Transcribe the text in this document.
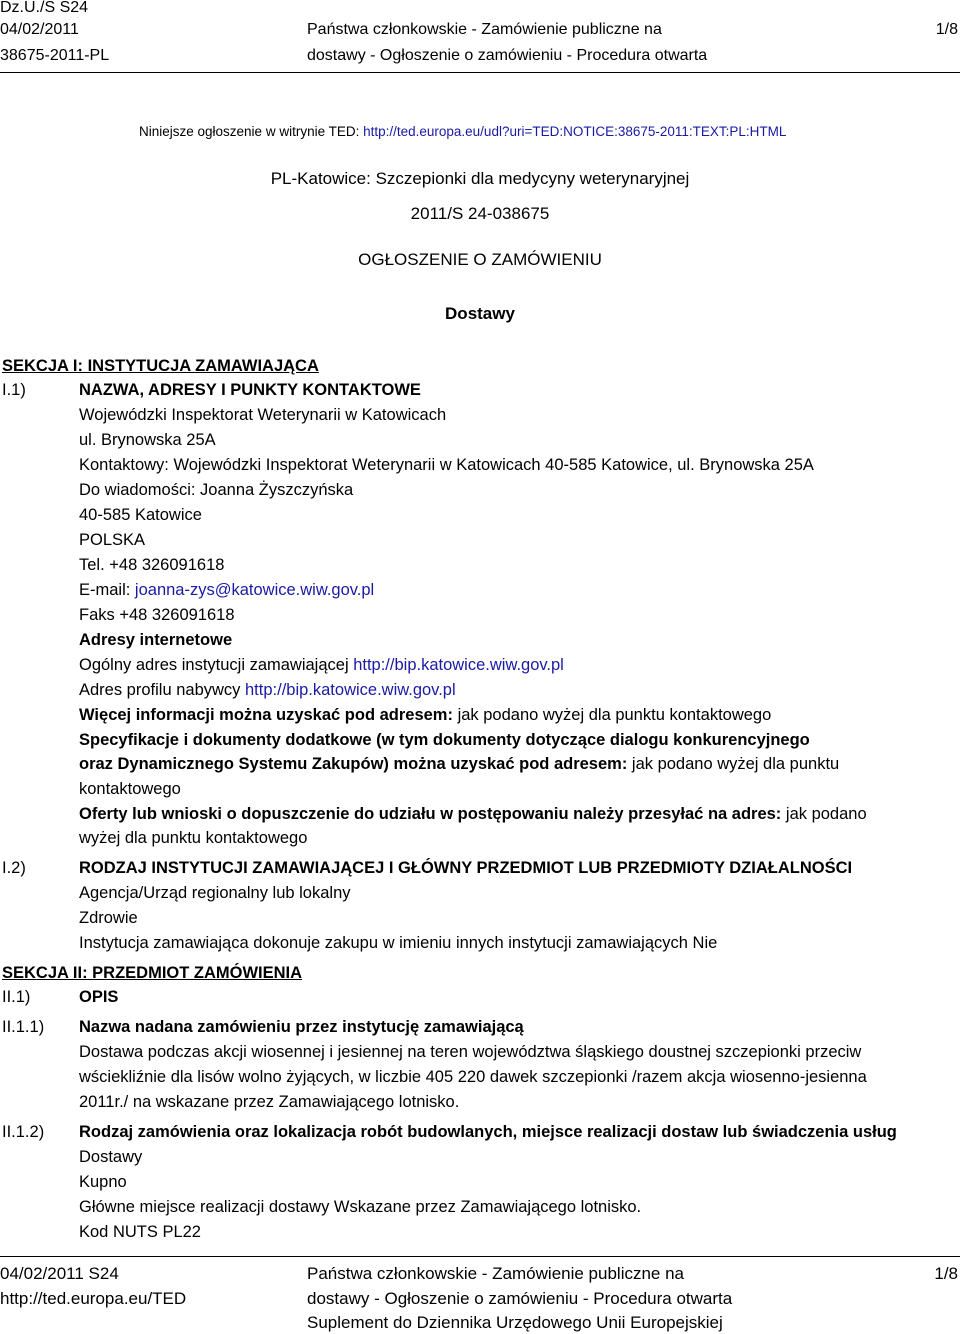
Dz.U./S S24
04/02/2011
38675-2011-PL
Państwa członkowskie - Zamówienie publiczne na
dostawy - Ogłoszenie o zamówieniu - Procedura otwarta
1/8
Niniejsze ogłoszenie w witrynie TED: http://ted.europa.eu/udl?uri=TED:NOTICE:38675-2011:TEXT:PL:HTML
PL-Katowice: Szczepionki dla medycyny weterynaryjnej
2011/S 24-038675
OGŁOSZENIE O ZAMÓWIENIU
Dostawy
SEKCJA I: INSTYTUCJA ZAMAWIAJĄCA
I.1)	NAZWA, ADRESY I PUNKTY KONTAKTOWE
Wojewódzki Inspektorat Weterynarii w Katowicach
ul. Brynowska 25A
Kontaktowy: Wojewódzki Inspektorat Weterynarii w Katowicach 40-585 Katowice, ul. Brynowska 25A
Do wiadomości: Joanna Żyszczyńska
40-585 Katowice
POLSKA
Tel. +48 326091618
E-mail: joanna-zys@katowice.wiw.gov.pl
Faks +48 326091618
Adresy internetowe
Ogólny adres instytucji zamawiającej http://bip.katowice.wiw.gov.pl
Adres profilu nabywcy http://bip.katowice.wiw.gov.pl
Więcej informacji można uzyskać pod adresem: jak podano wyżej dla punktu kontaktowego
Specyfikacje i dokumenty dodatkowe (w tym dokumenty dotyczące dialogu konkurencyjnego
oraz Dynamicznego Systemu Zakupów) można uzyskać pod adresem: jak podano wyżej dla punktu
kontaktowego
Oferty lub wnioski o dopuszczenie do udziału w postępowaniu należy przesyłać na adres: jak podano
wyżej dla punktu kontaktowego
I.2)	RODZAJ INSTYTUCJI ZAMAWIAJĄCEJ I GŁÓWNY PRZEDMIOT LUB PRZEDMIOTY DZIAŁALNOŚCI
Agencja/Urząd regionalny lub lokalny
Zdrowie
Instytucja zamawiająca dokonuje zakupu w imieniu innych instytucji zamawiających Nie
SEKCJA II: PRZEDMIOT ZAMÓWIENIA
II.1)	OPIS
II.1.1) Nazwa nadana zamówieniu przez instytucję zamawiającą
Dostawa podczas akcji wiosennej i jesiennej na teren województwa śląskiego doustnej szczepionki przeciw
wściekliźnie dla lisów wolno żyjących, w liczbie 405 220 dawek szczepionki /razem akcja wiosenno-jesienna
2011r./ na wskazane przez Zamawiającego lotnisko.
II.1.2) Rodzaj zamówienia oraz lokalizacja robót budowlanych, miejsce realizacji dostaw lub świadczenia usług
Dostawy
Kupno
Główne miejsce realizacji dostawy Wskazane przez Zamawiającego lotnisko.
Kod NUTS PL22
04/02/2011 S24
http://ted.europa.eu/TED
Państwa członkowskie - Zamówienie publiczne na
dostawy - Ogłoszenie o zamówieniu - Procedura otwarta
Suplement do Dziennika Urzędowego Unii Europejskiej
1/8
